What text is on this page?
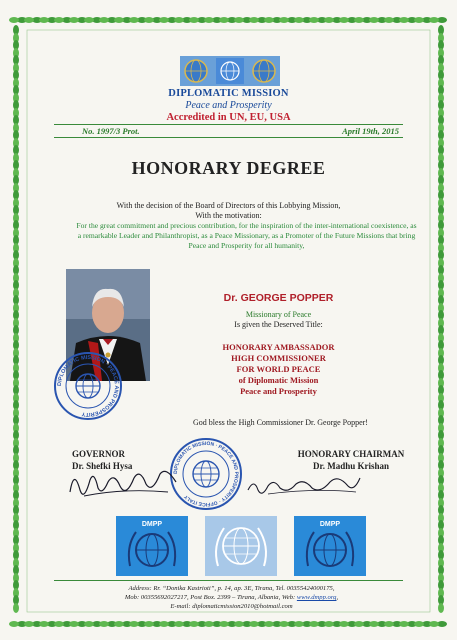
DIPLOMATIC MISSION
Peace and Prosperity
Accredited in UN, EU, USA
No. 1997/3 Prot.	April 19th, 2015
HONORARY DEGREE
With the decision of the Board of Directors of this Lobbying Mission,
With the motivation:
For the great commitment and precious contribution, for the inspiration of the inter-international coexistence, as a remarkable Leader and Philanthropist, as a Peace Missionary, as a Promoter of the Future Missions that bring Peace and Prosperity for all humanity,
Dr. GEORGE POPPER
Missionary of Peace
Is given the Deserved Title:
HONORARY AMBASSADOR
HIGH COMMISSIONER
FOR WORLD PEACE
of Diplomatic Mission
Peace and Prosperity
DIPLOMATIC MISSION · PEACE AND PROSPERITY
God bless the High Commissioner Dr. George Popper!
GOVERNOR
Dr. Shefki Hysa
HONORARY CHAIRMAN
Dr. Madhu Krishan
DIPLOMATIC MISSION · PEACE AND PROSPERITY · OFFICE ITALY
DMPP	DMPP
Address: Rr. “Donika Kastrioti”, p. 14, ap. 3E, Tirana, Tel. 00355424000175,
Mob: 00355692027217, Post Box. 2399 – Tirana, Albania, Web: www.dmpp.org,
E-mail: diplomaticmission2010@hotmail.com
